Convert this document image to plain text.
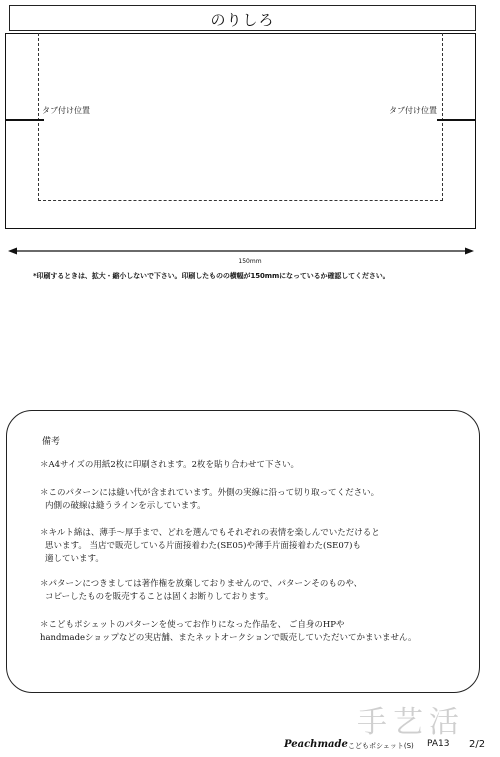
のりしろ
タブ付け位置	タブ付け位置
150mm
*印刷するときは、拡大・縮小しないで下さい。印刷したものの横幅が150mmになっているか確認してください。
備考
＊A4サイズの用紙2枚に印刷されます。2枚を貼り合わせて下さい。
＊このパターンには縫い代が含まれています。外側の実線に沿って切り取ってください。
内側の破線は縫うラインを示しています。
＊キルト綿は、薄手～厚手まで、どれを選んでもそれぞれの表情を楽しんでいただけると
思います。 当店で販売している片面接着わた(SE05)や薄手片面接着わた(SE07)も
適しています。
＊パターンにつきましては著作権を放棄しておりませんので、パターンそのものや、
コピーしたものを販売することは固くお断りしております。
＊こどもポシェットのパターンを使ってお作りになった作品を、 ご自身のHPや
handmadeショップなどの実店舗、またネットオークションで販売していただいてかまいません。
手艺活
Peachmade こどもポシェット(S) PA13 2/2
